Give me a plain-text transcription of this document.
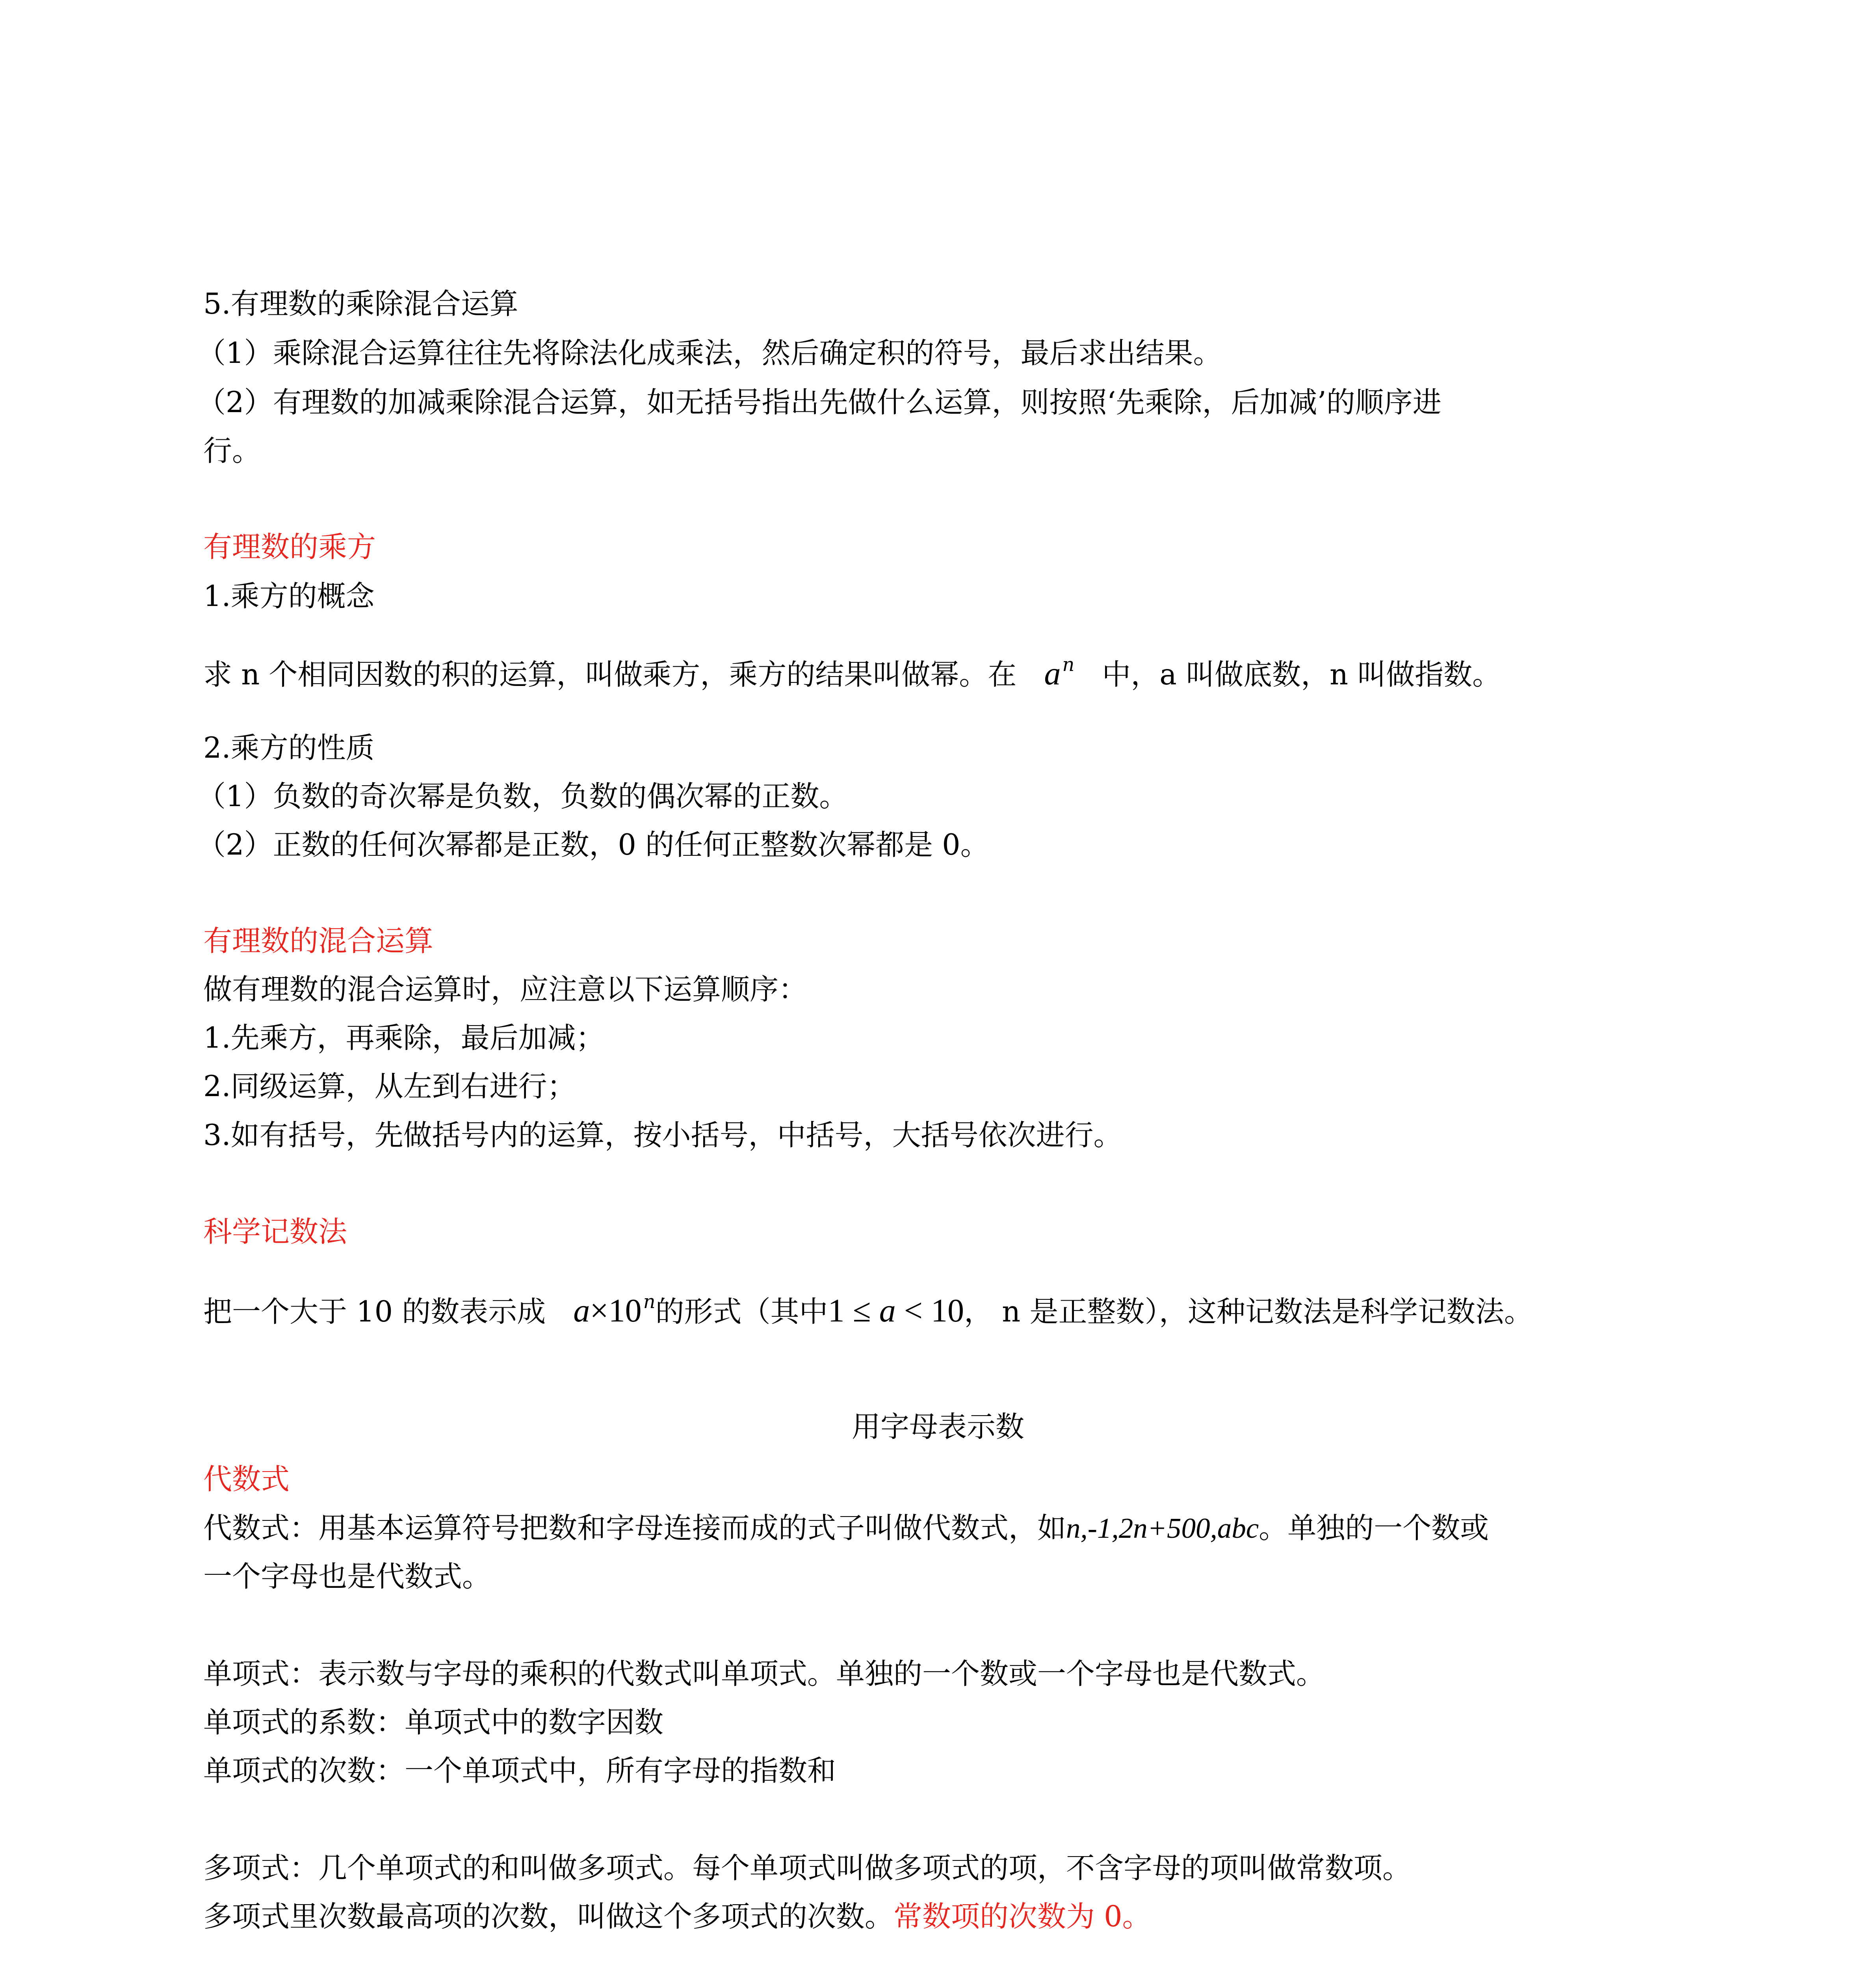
5.有理数的乘除混合运算
（1）乘除混合运算往往先将除法化成乘法，然后确定积的符号，最后求出结果。
（2）有理数的加减乘除混合运算，如无括号指出先做什么运算，则按照‘先乘除，后加减’的顺序进
行。
有理数的乘方
1.乘方的概念
求 n 个相同因数的积的运算，叫做乘方，乘方的结果叫做幂。在 $a^n$ 中，a 叫做底数，n 叫做指数。
2.乘方的性质
（1）负数的奇次幂是负数，负数的偶次幂的正数。
（2）正数的任何次幂都是正数，0 的任何正整数次幂都是 0。
有理数的混合运算
做有理数的混合运算时，应注意以下运算顺序：
1.先乘方，再乘除，最后加减；
2.同级运算，从左到右进行；
3.如有括号，先做括号内的运算，按小括号，中括号，大括号依次进行。
科学记数法
把一个大于 10 的数表示成 $a\times 10^n$的形式（其中1 ≤ a < 10， n 是正整数），这种记数法是科学记数法。
用字母表示数
代数式
代数式：用基本运算符号把数和字母连接而成的式子叫做代数式，如n,-1,2n+500,abc。单独的一个数或
一个字母也是代数式。
单项式：表示数与字母的乘积的代数式叫单项式。单独的一个数或一个字母也是代数式。
单项式的系数：单项式中的数字因数
单项式的次数：一个单项式中，所有字母的指数和
多项式：几个单项式的和叫做多项式。每个单项式叫做多项式的项，不含字母的项叫做常数项。
多项式里次数最高项的次数，叫做这个多项式的次数。常数项的次数为 0。
